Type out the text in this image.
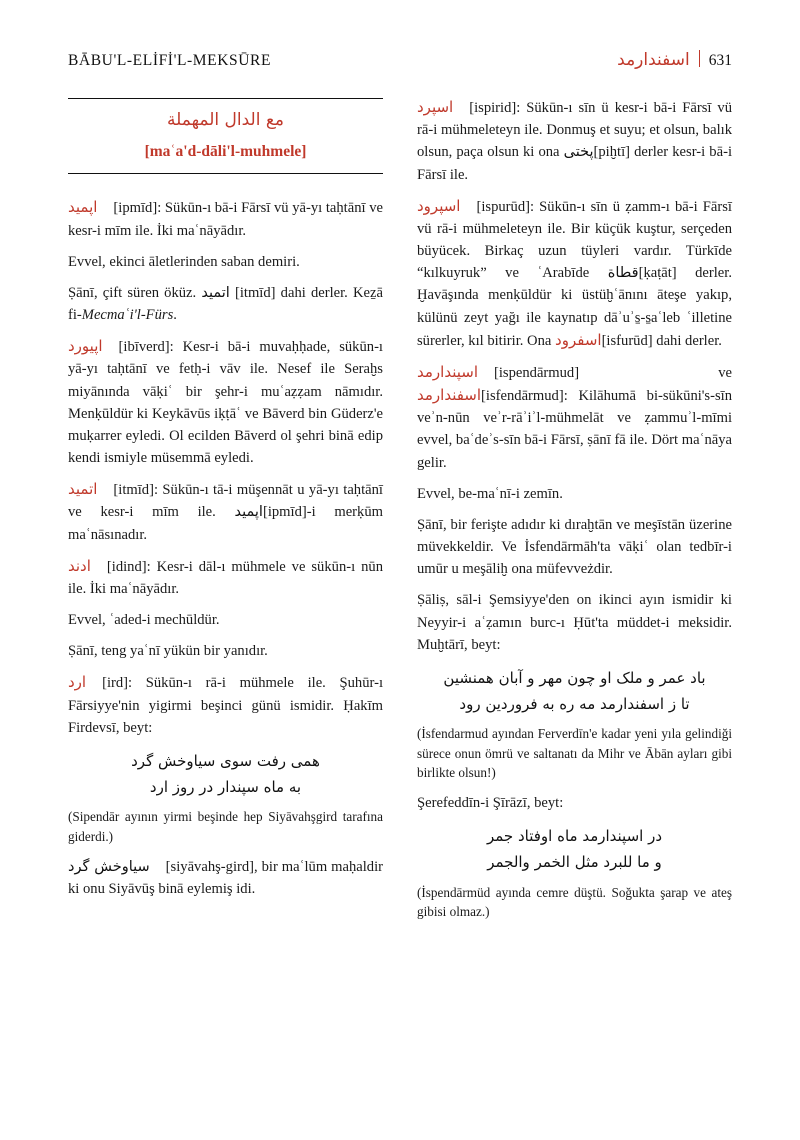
BĀBU'L-ELİFİ'L-MEKSŪRE	اسفندارمد 631
مع الدال المهملة
[maʿa'd-dāli'l-muhmele]

اپمید [ipmīd]: Sükūn-ı bā-i Fārsī vü yā-yı taḥtānī ve kesr-i mīm ile. İki maʿnāyādır.

Evvel, ekinci āletlerinden saban demiri.

Ṣānī, çift süren öküz. اتمید [itmīd] dahi derler. Keẕā fi-Mecmaʿi'l-Fürs.

اپیورد [ibīverd]: Kesr-i bā-i muvaḥḥade, sükūn-ı yā-yı taḥtānī ve fetḥ-i vāv ile. Nesef ile Seraḫs miyānında vāḳiʿ bir şehr-i muʿaẓẓam nāmıdır. Menḳūldür ki Keykāvūs iḳṭāʿ ve Bāverd bin Güderz'e muḳarrer eyledi. Ol ecilden Bāverd ol şehri binā edip kendi ismiyle müsemmā eyledi.

اتمید [itmīd]: Sükūn-ı tā-i müşennāt u yā-yı taḥtānī ve kesr-i mīm ile. اپمید[ipmīd]-i merḳūm maʿnāsınadır.

ادند [idind]: Kesr-i dāl-ı mühmele ve sükūn-ı nūn ile. İki maʿnāyādır.

Evvel, ʿaded-i mechūldür.

Ṣānī, teng yaʿnī yükün bir yanıdır.

ارد [ird]: Sükūn-ı rā-i mühmele ile. Şuhūr-ı Fārsiyye'nin yigirmi beşinci günü ismidir. Ḥakīm Firdevsī, beyt:

همی رفت سوی سیاوخش گرد
به ماه سپندار در روز ارد

(Sipendār ayının yirmi beşinde hep Siyāvahşgird tarafına giderdi.)

سیاوخش گرد [siyāvahş-gird], bir maʿlūm maḥaldir ki onu Siyāvūş binā eylemiş idi.

اسپرد [ispirid]: Sükūn-ı sīn ü kesr-i bā-i Fārsī vü rā-i mühmeleteyn ile. Donmuş et suyu; et olsun, balık olsun, paça olsun ki ona پختی[piḫtī] derler kesr-i bā-i Fārsī ile.

اسپرود [ispurūd]: Sükūn-ı sīn ü ẓamm-ı bā-i Fārsī vü rā-i mühmeleteyn ile. Bir küçük kuştur, serçeden büyücek. Birkaç uzun tüyleri vardır. Türkīde “kılkuyruk” ve ʿArabīde قطاة[ḳaṭāt] derler. Ḫavāşında menḳūldür ki üstüḫʿānını āteşe yakıp, külünü zeyt yağı ile kaynatıp dāʾuʾs̱-s̱aʿleb ʿilletine sürerler, kıl bitirir. Ona اسفرود[isfurūd] dahi derler.

اسپندارمد [ispendārmud] ve اسفندارمد[isfendārmud]: Kilāhumā bi-sükūni's-sīn veʾn-nūn veʾr-rāʾiʾl-mühmelāt ve ẓammuʾl-mīmi evvel, baʿdeʾs-sīn bā-i Fārsī, ṣānī fā ile. Dört maʿnāya gelir.

Evvel, be-maʿnī-i zemīn.

Ṣānī, bir ferişte adıdır ki dıraḫtān ve meşīstān üzerine müvekkeldir. Ve İsfendārmāh'ta vāḳiʿ olan tedbīr-i umūr u meşāliḫ ona müfevveżdir.

Ṣāliṣ, sāl-i Şemsiyye'den on ikinci ayın ismidir ki Neyyir-i aʿẓamın burc-ı Ḥūt'ta müddet-i meksidir. Muḫtārī, beyt:

باد عمر و ملک او چون مهر و آبان همنشین
تا ز اسفندارمد مه ره به فروردین رود

(İsfendarmud ayından Ferverdīn'e kadar yeni yıla gelindiği sürece onun ömrü ve saltanatı da Mihr ve Ābān ayları gibi birlikte olsun!)

Şerefeddīn-i Şīrāzī, beyt:

در اسپندارمد ماه اوفتاد جمر
و ما للبرد مثل الخمر والجمر

(İspendārmüd ayında cemre düştü. Soğukta şarap ve ateş gibisi olmaz.)
